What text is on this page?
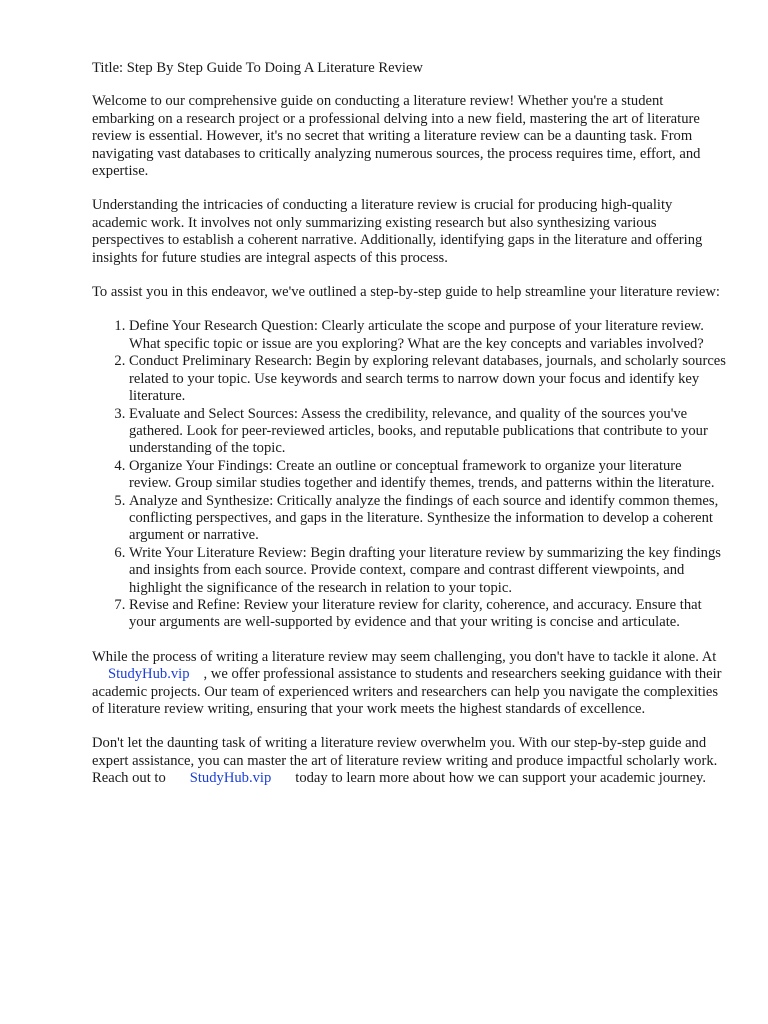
Title: Step By Step Guide To Doing A Literature Review

Welcome to our comprehensive guide on conducting a literature review! Whether you're a student embarking on a research project or a professional delving into a new field, mastering the art of literature review is essential. However, it's no secret that writing a literature review can be a daunting task. From navigating vast databases to critically analyzing numerous sources, the process requires time, effort, and expertise.

Understanding the intricacies of conducting a literature review is crucial for producing high-quality academic work. It involves not only summarizing existing research but also synthesizing various perspectives to establish a coherent narrative. Additionally, identifying gaps in the literature and offering insights for future studies are integral aspects of this process.

To assist you in this endeavor, we've outlined a step-by-step guide to help streamline your literature review:

1. Define Your Research Question: Clearly articulate the scope and purpose of your literature review. What specific topic or issue are you exploring? What are the key concepts and variables involved?
2. Conduct Preliminary Research: Begin by exploring relevant databases, journals, and scholarly sources related to your topic. Use keywords and search terms to narrow down your focus and identify key literature.
3. Evaluate and Select Sources: Assess the credibility, relevance, and quality of the sources you've gathered. Look for peer-reviewed articles, books, and reputable publications that contribute to your understanding of the topic.
4. Organize Your Findings: Create an outline or conceptual framework to organize your literature review. Group similar studies together and identify themes, trends, and patterns within the literature.
5. Analyze and Synthesize: Critically analyze the findings of each source and identify common themes, conflicting perspectives, and gaps in the literature. Synthesize the information to develop a coherent argument or narrative.
6. Write Your Literature Review: Begin drafting your literature review by summarizing the key findings and insights from each source. Provide context, compare and contrast different viewpoints, and highlight the significance of the research in relation to your topic.
7. Revise and Refine: Review your literature review for clarity, coherence, and accuracy. Ensure that your arguments are well-supported by evidence and that your writing is concise and articulate.

While the process of writing a literature review may seem challenging, you don't have to tackle it alone. AtStudyHub.vip , we offer professional assistance to students and researchers seeking guidance with their academic projects. Our team of experienced writers and researchers can help you navigate the complexities of literature review writing, ensuring that your work meets the highest standards of excellence.

Don't let the daunting task of writing a literature review overwhelm you. With our step-by-step guide and expert assistance, you can master the art of literature review writing and produce impactful scholarly work. Reach out to StudyHub.vip today to learn more about how we can support your academic journey.
